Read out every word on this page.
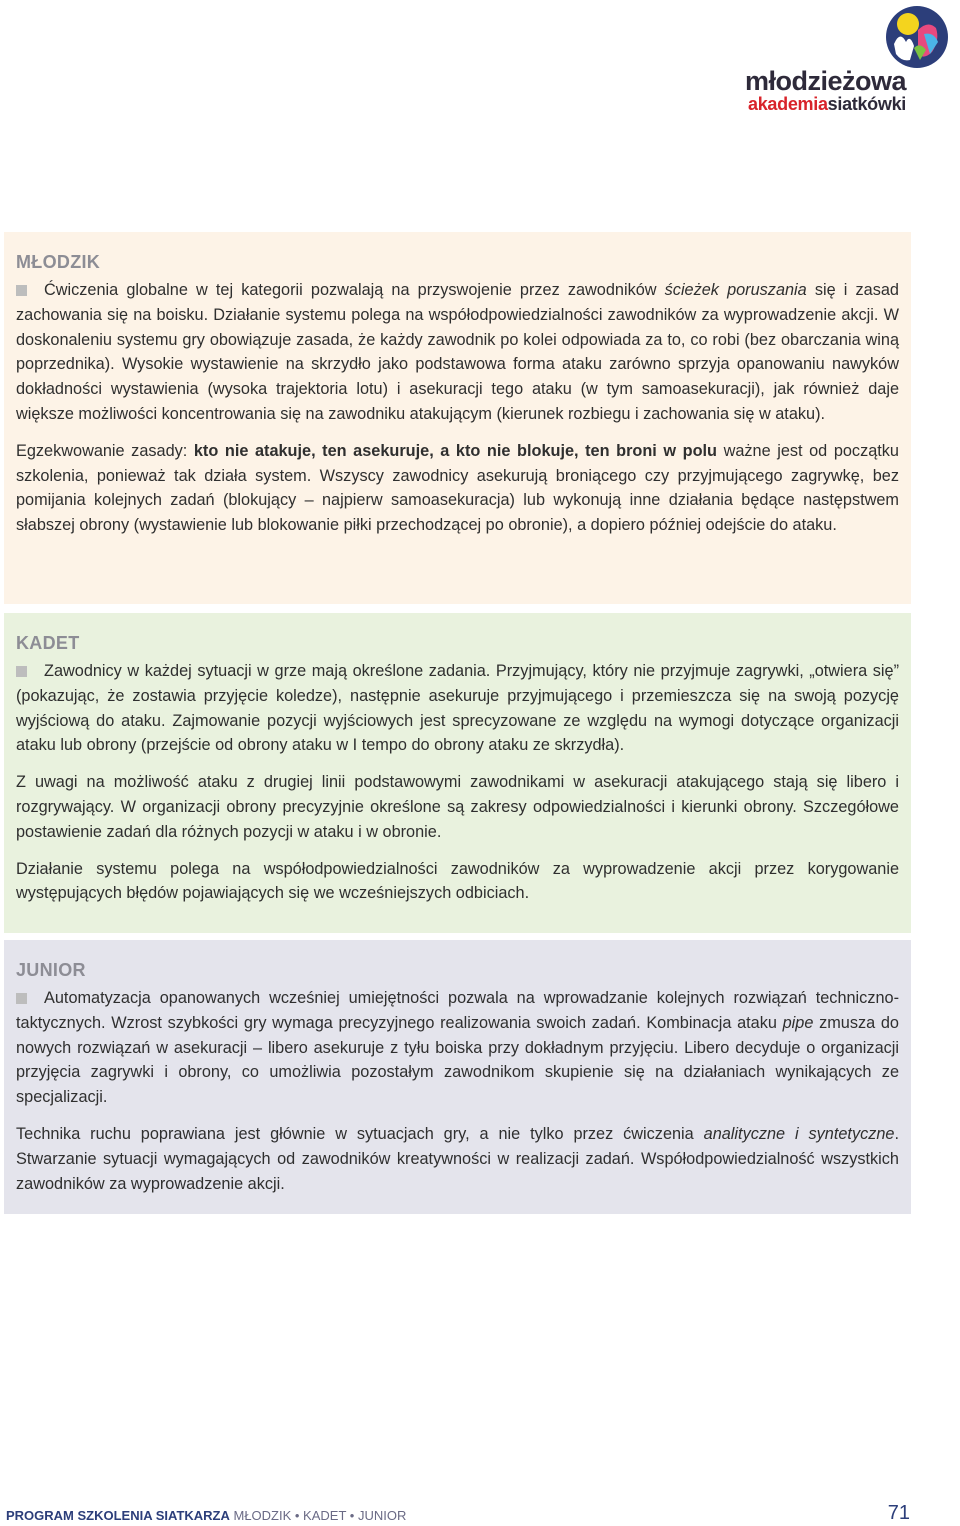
młodzieżowa
akademiasiatkówki
MŁODZIK

Ćwiczenia globalne w tej kategorii pozwalają na przyswojenie przez zawodników ścieżek poruszania się i zasad zachowania się na boisku. Działanie systemu polega na współodpowiedzialności zawodników za wyprowadzenie akcji. W doskonaleniu systemu gry obowiązuje zasada, że każdy zawodnik po kolei odpowiada za to, co robi (bez obarczania winą poprzednika). Wysokie wystawienie na skrzydło jako podstawowa forma ataku zarówno sprzyja opanowaniu nawyków dokładności wystawienia (wysoka trajektoria lotu) i asekuracji tego ataku (w tym samoasekuracji), jak również daje większe możliwości koncentrowania się na zawodniku atakującym (kierunek rozbiegu i zachowania się w ataku).

Egzekwowanie zasady: kto nie atakuje, ten asekuruje, a kto nie blokuje, ten broni w polu ważne jest od początku szkolenia, ponieważ tak działa system. Wszyscy zawodnicy asekurują broniącego czy przyjmującego zagrywkę, bez pomijania kolejnych zadań (blokujący – najpierw samoasekuracja) lub wykonują inne działania będące następstwem słabszej obrony (wystawienie lub blokowanie piłki przechodzącej po obronie), a dopiero później odejście do ataku.

KADET

Zawodnicy w każdej sytuacji w grze mają określone zadania. Przyjmujący, który nie przyjmuje zagrywki, „otwiera się” (pokazując, że zostawia przyjęcie koledze), następnie asekuruje przyjmującego i przemieszcza się na swoją pozycję wyjściową do ataku. Zajmowanie pozycji wyjściowych jest sprecyzowane ze względu na wymogi dotyczące organizacji ataku lub obrony (przejście od obrony ataku w I tempo do obrony ataku ze skrzydła).

Z uwagi na możliwość ataku z drugiej linii podstawowymi zawodnikami w asekuracji atakującego stają się libero i rozgrywający. W organizacji obrony precyzyjnie określone są zakresy odpowiedzialności i kierunki obrony. Szczegółowe postawienie zadań dla różnych pozycji w ataku i w obronie.

Działanie systemu polega na współodpowiedzialności zawodników za wyprowadzenie akcji przez korygowanie występujących błędów pojawiających się we wcześniejszych odbiciach.

JUNIOR

Automatyzacja opanowanych wcześniej umiejętności pozwala na wprowadzanie kolejnych rozwiązań techniczno-taktycznych. Wzrost szybkości gry wymaga precyzyjnego realizowania swoich zadań. Kombinacja ataku pipe zmusza do nowych rozwiązań w asekuracji – libero asekuruje z tyłu boiska przy dokładnym przyjęciu. Libero decyduje o organizacji przyjęcia zagrywki i obrony, co umożliwia pozostałym zawodnikom skupienie się na działaniach wynikających ze specjalizacji.

Technika ruchu poprawiana jest głównie w sytuacjach gry, a nie tylko przez ćwiczenia analityczne i syntetyczne. Stwarzanie sytuacji wymagających od zawodników kreatywności w realizacji zadań. Współodpowiedzialność wszystkich zawodników za wyprowadzenie akcji.

PROGRAM SZKOLENIA SIATKARZA MŁODZIK • KADET • JUNIOR	71
